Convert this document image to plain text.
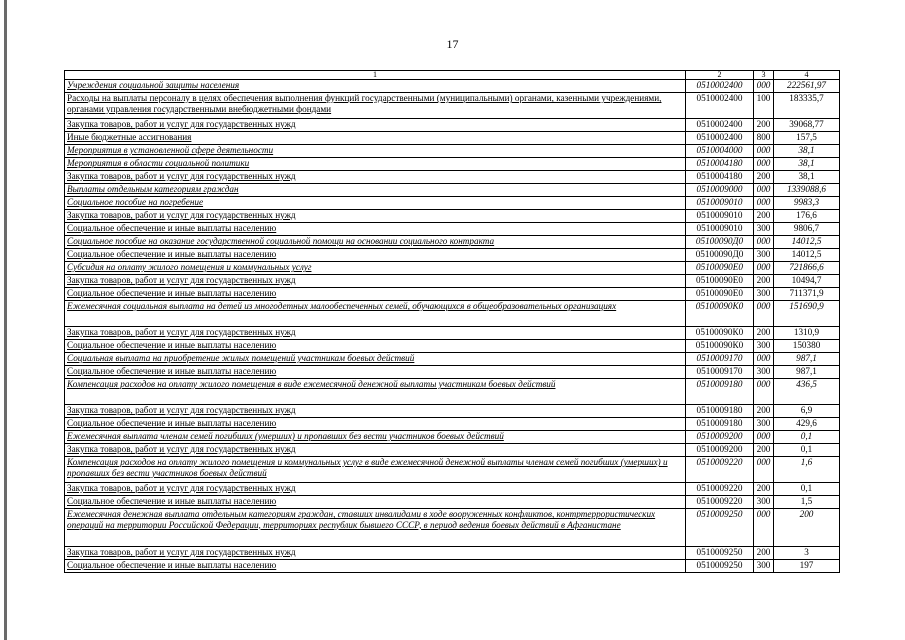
17
1	2	3	4
Учреждения социальной защиты населения	0510002400	000	222561,97
Расходы на выплаты персоналу в целях обеспечения выполнения функций государственными (муниципальными) органами, казенными учреждениями, органами управления государственными внебюджетными фондами	0510002400	100	183335,7
Закупка товаров, работ и услуг для государственных нужд	0510002400	200	39068,77
Иные бюджетные ассигнования	0510002400	800	157,5
Мероприятия в установленной сфере деятельности	0510004000	000	38,1
Мероприятия в области социальной политики	0510004180	000	38,1
Закупка товаров, работ и услуг для государственных нужд	0510004180	200	38,1
Выплаты отдельным категориям граждан	0510009000	000	1339088,6
Социальное пособие на погребение	0510009010	000	9983,3
Закупка товаров, работ и услуг для государственных нужд	0510009010	200	176,6
Социальное обеспечение и иные выплаты населению	0510009010	300	9806,7
Социальное пособие на оказание государственной социальной помощи на основании социального контракта	05100090Д0	000	14012,5
Социальное обеспечение и иные выплаты населению	05100090Д0	300	14012,5
Субсидия на оплату жилого помещения и коммунальных услуг	05100090Е0	000	721866,6
Закупка товаров, работ и услуг для государственных нужд	05100090Е0	200	10494,7
Социальное обеспечение и иные выплаты населению	05100090Е0	300	711371,9
Ежемесячная социальная выплата на детей из многодетных малообеспеченных семей, обучающихся в общеобразовательных организациях	05100090К0	000	151690,9
Закупка товаров, работ и услуг для государственных нужд	05100090К0	200	1310,9
Социальное обеспечение и иные выплаты населению	05100090К0	300	150380
Социальная выплата на приобретение жилых помещений участникам боевых действий	0510009170	000	987,1
Социальное обеспечение и иные выплаты населению	0510009170	300	987,1
Компенсация расходов на оплату жилого помещения в виде ежемесячной денежной выплаты участникам боевых действий	0510009180	000	436,5
Закупка товаров, работ и услуг для государственных нужд	0510009180	200	6,9
Социальное обеспечение и иные выплаты населению	0510009180	300	429,6
Ежемесячная выплата членам семей погибших (умерших) и пропавших без вести участников боевых действий	0510009200	000	0,1
Закупка товаров, работ и услуг для государственных нужд	0510009200	200	0,1
Компенсация расходов на оплату жилого помещения и коммунальных услуг в виде ежемесячной денежной выплаты членам семей погибших (умерших) и пропавших без вести участников боевых действий	0510009220	000	1,6
Закупка товаров, работ и услуг для государственных нужд	0510009220	200	0,1
Социальное обеспечение и иные выплаты населению	0510009220	300	1,5
Ежемесячная денежная выплата отдельным категориям граждан, ставших инвалидами в ходе вооруженных конфликтов, контртеррористических операций на территории Российской Федерации, территориях республик бывшего СССР, в период ведения боевых действий в Афганистане	0510009250	000	200
Закупка товаров, работ и услуг для государственных нужд	0510009250	200	3
Социальное обеспечение и иные выплаты населению	0510009250	300	197
